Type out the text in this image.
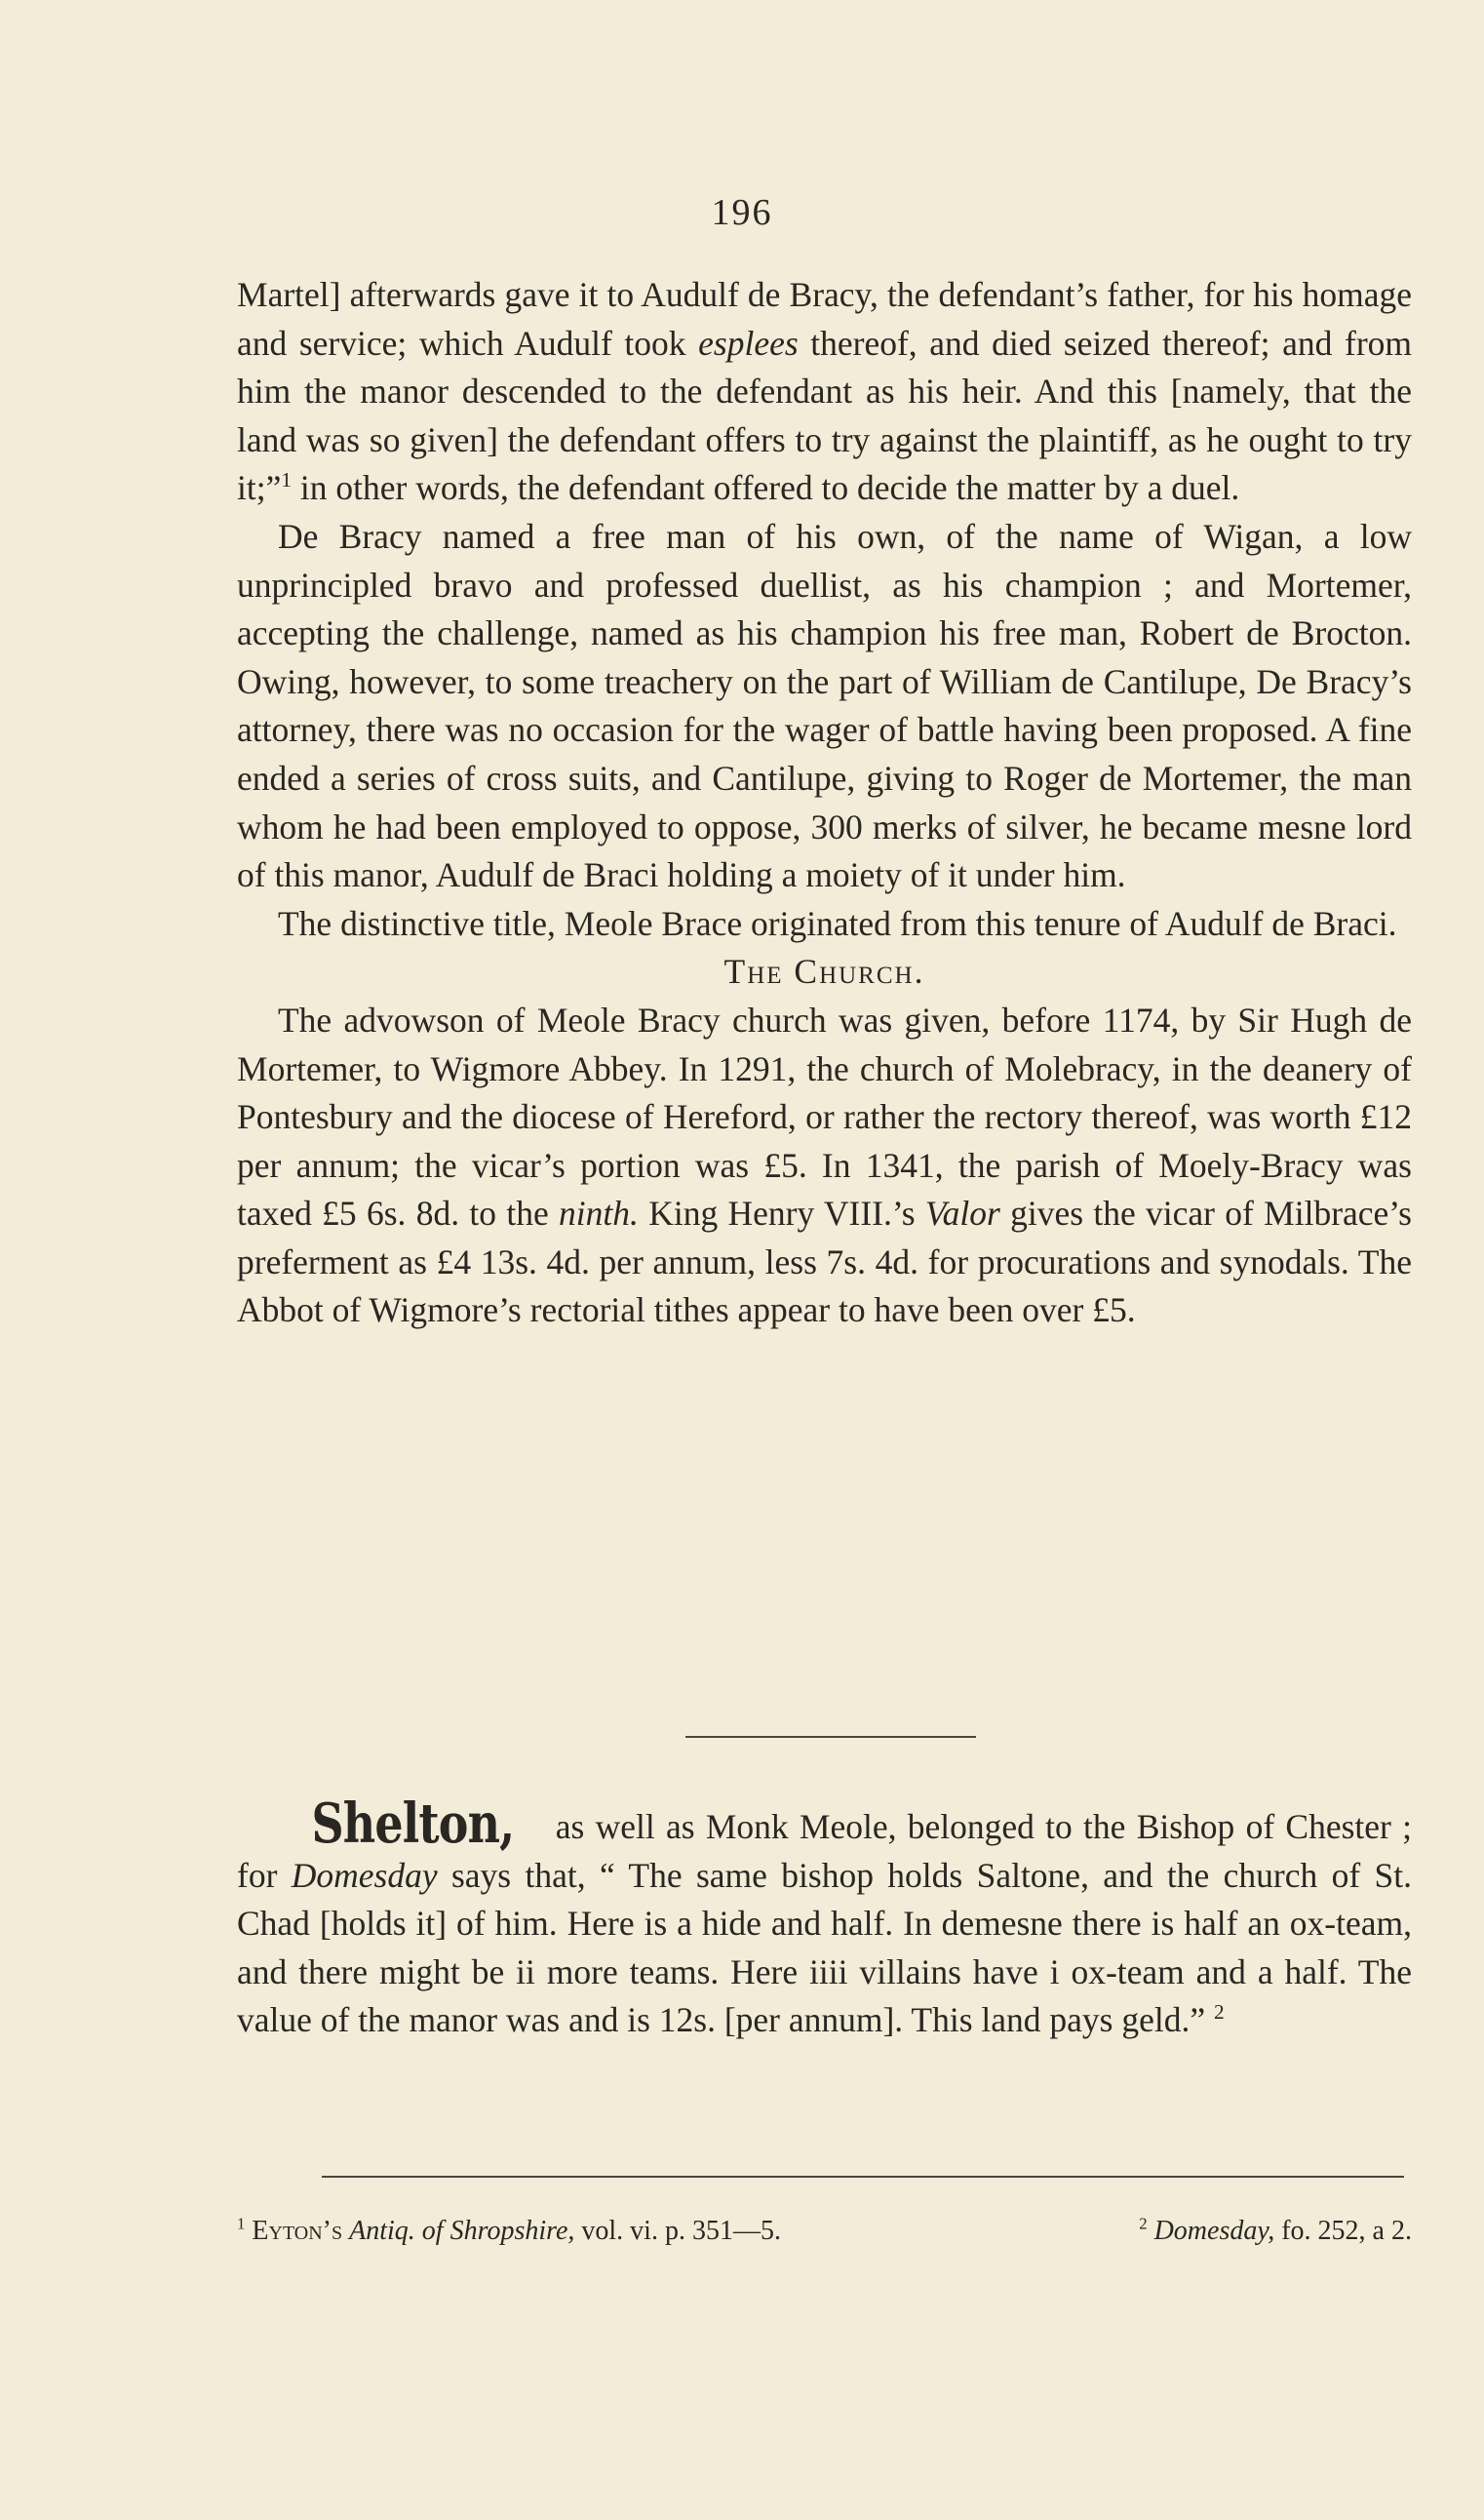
196

Martel] afterwards gave it to Audulf de Bracy, the defendant’s father, for his homage and service; which Audulf took esplees thereof, and died seized thereof; and from him the manor descended to the defendant as his heir. And this [namely, that the land was so given] the defendant offers to try against the plaintiff, as he ought to try it;”$^1$ in other words, the defendant offered to decide the matter by a duel.

De Bracy named a free man of his own, of the name of Wigan, a low unprincipled bravo and professed duellist, as his champion ; and Mortemer, accepting the challenge, named as his champion his free man, Robert de Brocton. Owing, however, to some treachery on the part of William de Cantilupe, De Bracy’s attorney, there was no occasion for the wager of battle having been proposed. A fine ended a series of cross suits, and Cantilupe, giving to Roger de Mortemer, the man whom he had been employed to oppose, 300 merks of silver, he became mesne lord of this manor, Audulf de Braci holding a moiety of it under him.

The distinctive title, Meole Brace originated from this tenure of Audulf de Braci.

The Church.

The advowson of Meole Bracy church was given, before 1174, by Sir Hugh de Mortemer, to Wigmore Abbey. In 1291, the church of Molebracy, in the deanery of Pontesbury and the diocese of Hereford, or rather the rectory thereof, was worth £12 per annum; the vicar’s portion was £5. In 1341, the parish of Moely-Bracy was taxed £5 6s. 8d. to the ninth. King Henry VIII.’s Valor gives the vicar of Milbrace’s preferment as £4 13s. 4d. per annum, less 7s. 4d. for procurations and synodals. The Abbot of Wigmore’s rectorial tithes appear to have been over £5.

Shelton, as well as Monk Meole, belonged to the Bishop of Chester ; for Domesday says that, “ The same bishop holds Saltone, and the church of St. Chad [holds it] of him. Here is a hide and half. In demesne there is half an ox-team, and there might be ii more teams. Here iiii villains have i ox-team and a half. The value of the manor was and is 12s. [per annum]. This land pays geld.” $^2$

$^1$ Eyton’s Antiq. of Shropshire, vol. vi. p. 351—5.	$^2$ Domesday, fo. 252, a 2.
